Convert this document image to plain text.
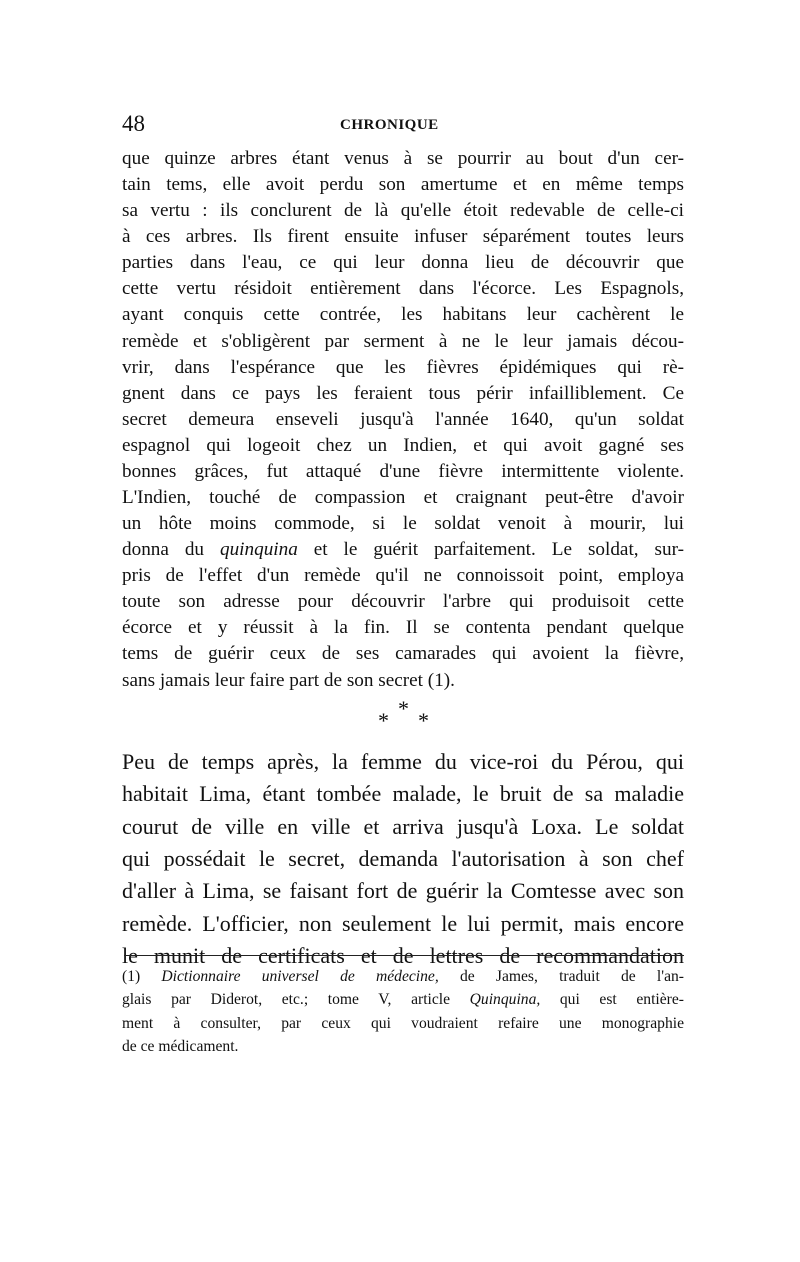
48	CHRONIQUE
que quinze arbres étant venus à se pourrir au bout d'un cer-
tain tems, elle avoit perdu son amertume et en même temps
sa vertu : ils conclurent de là qu'elle étoit redevable de celle-ci
à ces arbres. Ils firent ensuite infuser séparément toutes leurs
parties dans l'eau, ce qui leur donna lieu de découvrir que
cette vertu résidoit entièrement dans l'écorce. Les Espagnols,
ayant conquis cette contrée, les habitans leur cachèrent le
remède et s'obligèrent par serment à ne le leur jamais décou-
vrir, dans l'espérance que les fièvres épidémiques qui rè-
gnent dans ce pays les feraient tous périr infailliblement. Ce
secret demeura enseveli jusqu'à l'année 1640, qu'un soldat
espagnol qui logeoit chez un Indien, et qui avoit gagné ses
bonnes grâces, fut attaqué d'une fièvre intermittente violente.
L'Indien, touché de compassion et craignant peut-être d'avoir
un hôte moins commode, si le soldat venoit à mourir, lui
donna du quinquina et le guérit parfaitement. Le soldat, sur-
pris de l'effet d'un remède qu'il ne connoissoit point, employa
toute son adresse pour découvrir l'arbre qui produisoit cette
écorce et y réussit à la fin. Il se contenta pendant quelque
tems de guérir ceux de ses camarades qui avoient la fièvre,
sans jamais leur faire part de son secret (1).
*
* *
Peu de temps après, la femme du vice-roi du Pérou, qui
habitait Lima, étant tombée malade, le bruit de sa maladie
courut de ville en ville et arriva jusqu'à Loxa. Le soldat
qui possédait le secret, demanda l'autorisation à son chef
d'aller à Lima, se faisant fort de guérir la Comtesse avec son
remède. L'officier, non seulement le lui permit, mais encore
le munit de certificats et de lettres de recommandation
(1) Dictionnaire universel de médecine, de James, traduit de l'an-
glais par Diderot, etc.; tome V, article Quinquina, qui est entière-
ment à consulter, par ceux qui voudraient refaire une monographie
de ce médicament.
